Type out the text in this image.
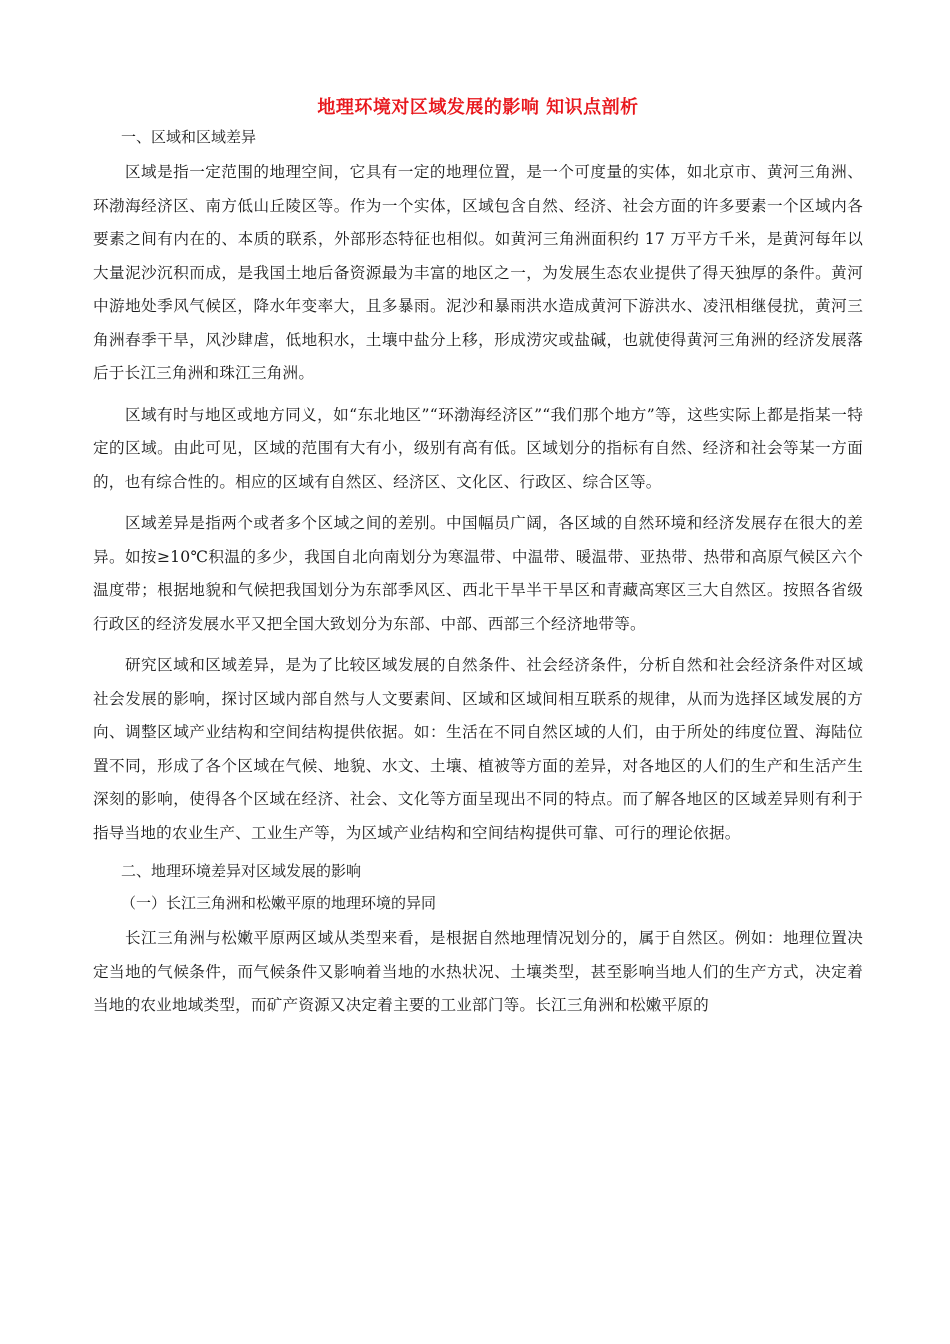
地理环境对区域发展的影响 知识点剖析

一、区域和区域差异

区域是指一定范围的地理空间，它具有一定的地理位置，是一个可度量的实体，如北京市、黄河三角洲、环渤海经济区、南方低山丘陵区等。作为一个实体，区域包含自然、经济、社会方面的许多要素一个区域内各要素之间有内在的、本质的联系，外部形态特征也相似。如黄河三角洲面积约 17 万平方千米，是黄河每年以大量泥沙沉积而成，是我国土地后备资源最为丰富的地区之一，为发展生态农业提供了得天独厚的条件。黄河中游地处季风气候区，降水年变率大，且多暴雨。泥沙和暴雨洪水造成黄河下游洪水、凌汛相继侵扰，黄河三角洲春季干旱，风沙肆虐，低地积水，土壤中盐分上移，形成涝灾或盐碱，也就使得黄河三角洲的经济发展落后于长江三角洲和珠江三角洲。

区域有时与地区或地方同义，如“东北地区”“环渤海经济区”“我们那个地方”等，这些实际上都是指某一特定的区域。由此可见，区域的范围有大有小，级别有高有低。区域划分的指标有自然、经济和社会等某一方面的，也有综合性的。相应的区域有自然区、经济区、文化区、行政区、综合区等。

区域差异是指两个或者多个区域之间的差别。中国幅员广阔，各区域的自然环境和经济发展存在很大的差异。如按≥10℃积温的多少，我国自北向南划分为寒温带、中温带、暖温带、亚热带、热带和高原气候区六个温度带；根据地貌和气候把我国划分为东部季风区、西北干旱半干旱区和青藏高寒区三大自然区。按照各省级行政区的经济发展水平又把全国大致划分为东部、中部、西部三个经济地带等。

研究区域和区域差异，是为了比较区域发展的自然条件、社会经济条件，分析自然和社会经济条件对区域社会发展的影响，探讨区域内部自然与人文要素间、区域和区域间相互联系的规律，从而为选择区域发展的方向、调整区域产业结构和空间结构提供依据。如：生活在不同自然区域的人们，由于所处的纬度位置、海陆位置不同，形成了各个区域在气候、地貌、水文、土壤、植被等方面的差异，对各地区的人们的生产和生活产生深刻的影响，使得各个区域在经济、社会、文化等方面呈现出不同的特点。而了解各地区的区域差异则有利于指导当地的农业生产、工业生产等，为区域产业结构和空间结构提供可靠、可行的理论依据。

二、地理环境差异对区域发展的影响

（一）长江三角洲和松嫩平原的地理环境的异同

长江三角洲与松嫩平原两区域从类型来看，是根据自然地理情况划分的，属于自然区。例如：地理位置决定当地的气候条件，而气候条件又影响着当地的水热状况、土壤类型，甚至影响当地人们的生产方式，决定着当地的农业地域类型，而矿产资源又决定着主要的工业部门等。长江三角洲和松嫩平原的
